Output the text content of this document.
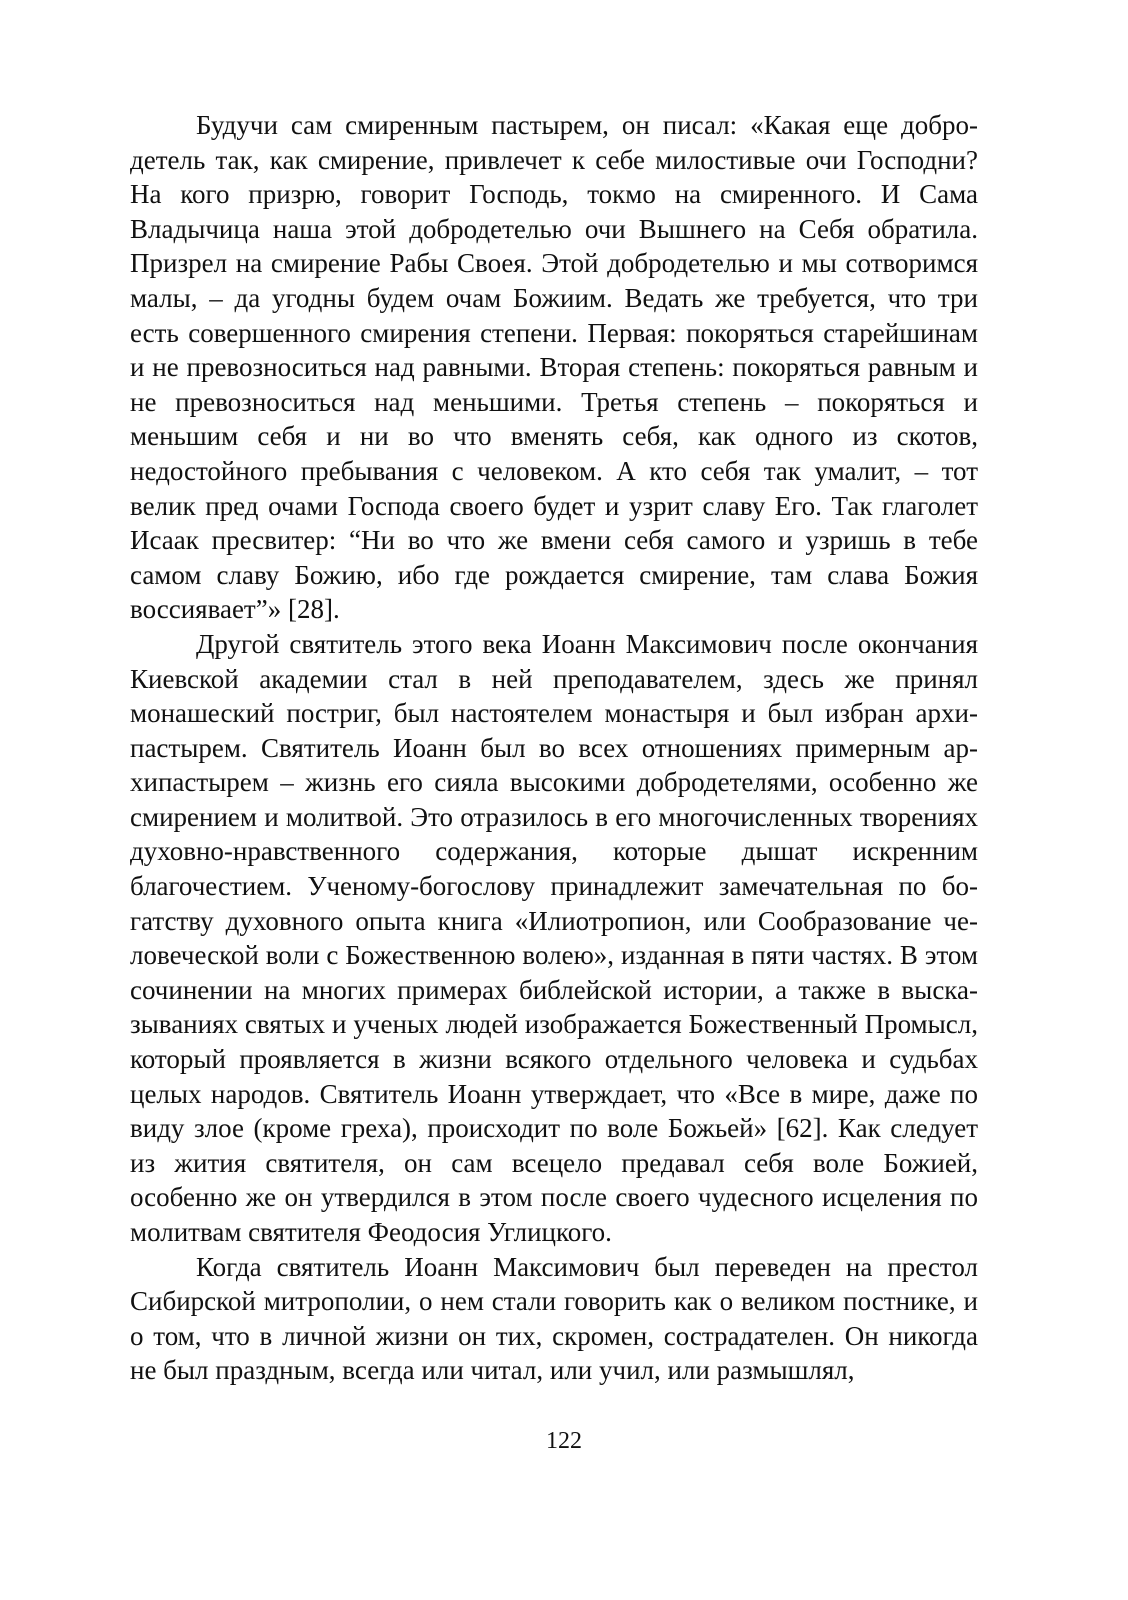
Будучи сам смиренным пастырем, он писал: «Какая еще добродетель так, как смирение, привлечет к себе милостивые очи Господни? На кого призрю, говорит Господь, токмо на смиренного. И Сама Владычица наша этой добродетелью очи Вышнего на Себя обратила. Призрел на смирение Рабы Своея. Этой добродетелью и мы сотворимся малы, – да угодны будем очам Божиим. Ведать же требуется, что три есть совершенного смирения степени. Первая: покоряться старейшинам и не превозноситься над равными. Вторая степень: покоряться равным и не превозноситься над меньшими. Третья степень – покоряться и меньшим себя и ни во что вменять себя, как одного из скотов, недостойного пребывания с человеком. А кто себя так умалит, – тот велик пред очами Господа своего будет и узрит славу Его. Так глаголет Исаак пресвитер: “Ни во что же вмени себя самого и узришь в тебе самом славу Божию, ибо где рождается смирение, там слава Божия воссиявает”» [28].

Другой святитель этого века Иоанн Максимович после окончания Киевской академии стал в ней преподавателем, здесь же принял монашеский постриг, был настоятелем монастыря и был избран архипастырем. Святитель Иоанн был во всех отношениях примерным архипастырем – жизнь его сияла высокими добродетелями, особенно же смирением и молитвой. Это отразилось в его многочисленных творениях духовно-нравственного содержания, которые дышат искренним благочестием. Ученому-богослову принадлежит замечательная по богатству духовного опыта книга «Илиотропион, или Сообразование человеческой воли с Божественною волею», изданная в пяти частях. В этом сочинении на многих примерах библейской истории, а также в высказываниях святых и ученых людей изображается Божественный Промысл, который проявляется в жизни всякого отдельного человека и судьбах целых народов. Святитель Иоанн утверждает, что «Все в мире, даже по виду злое (кроме греха), происходит по воле Божьей» [62]. Как следует из жития святителя, он сам всецело предавал себя воле Божией, особенно же он утвердился в этом после своего чудесного исцеления по молитвам святителя Феодосия Углицкого.

Когда святитель Иоанн Максимович был переведен на престол Сибирской митрополии, о нем стали говорить как о великом постнике, и о том, что в личной жизни он тих, скромен, сострадателен. Он никогда не был праздным, всегда или читал, или учил, или размышлял,

122
